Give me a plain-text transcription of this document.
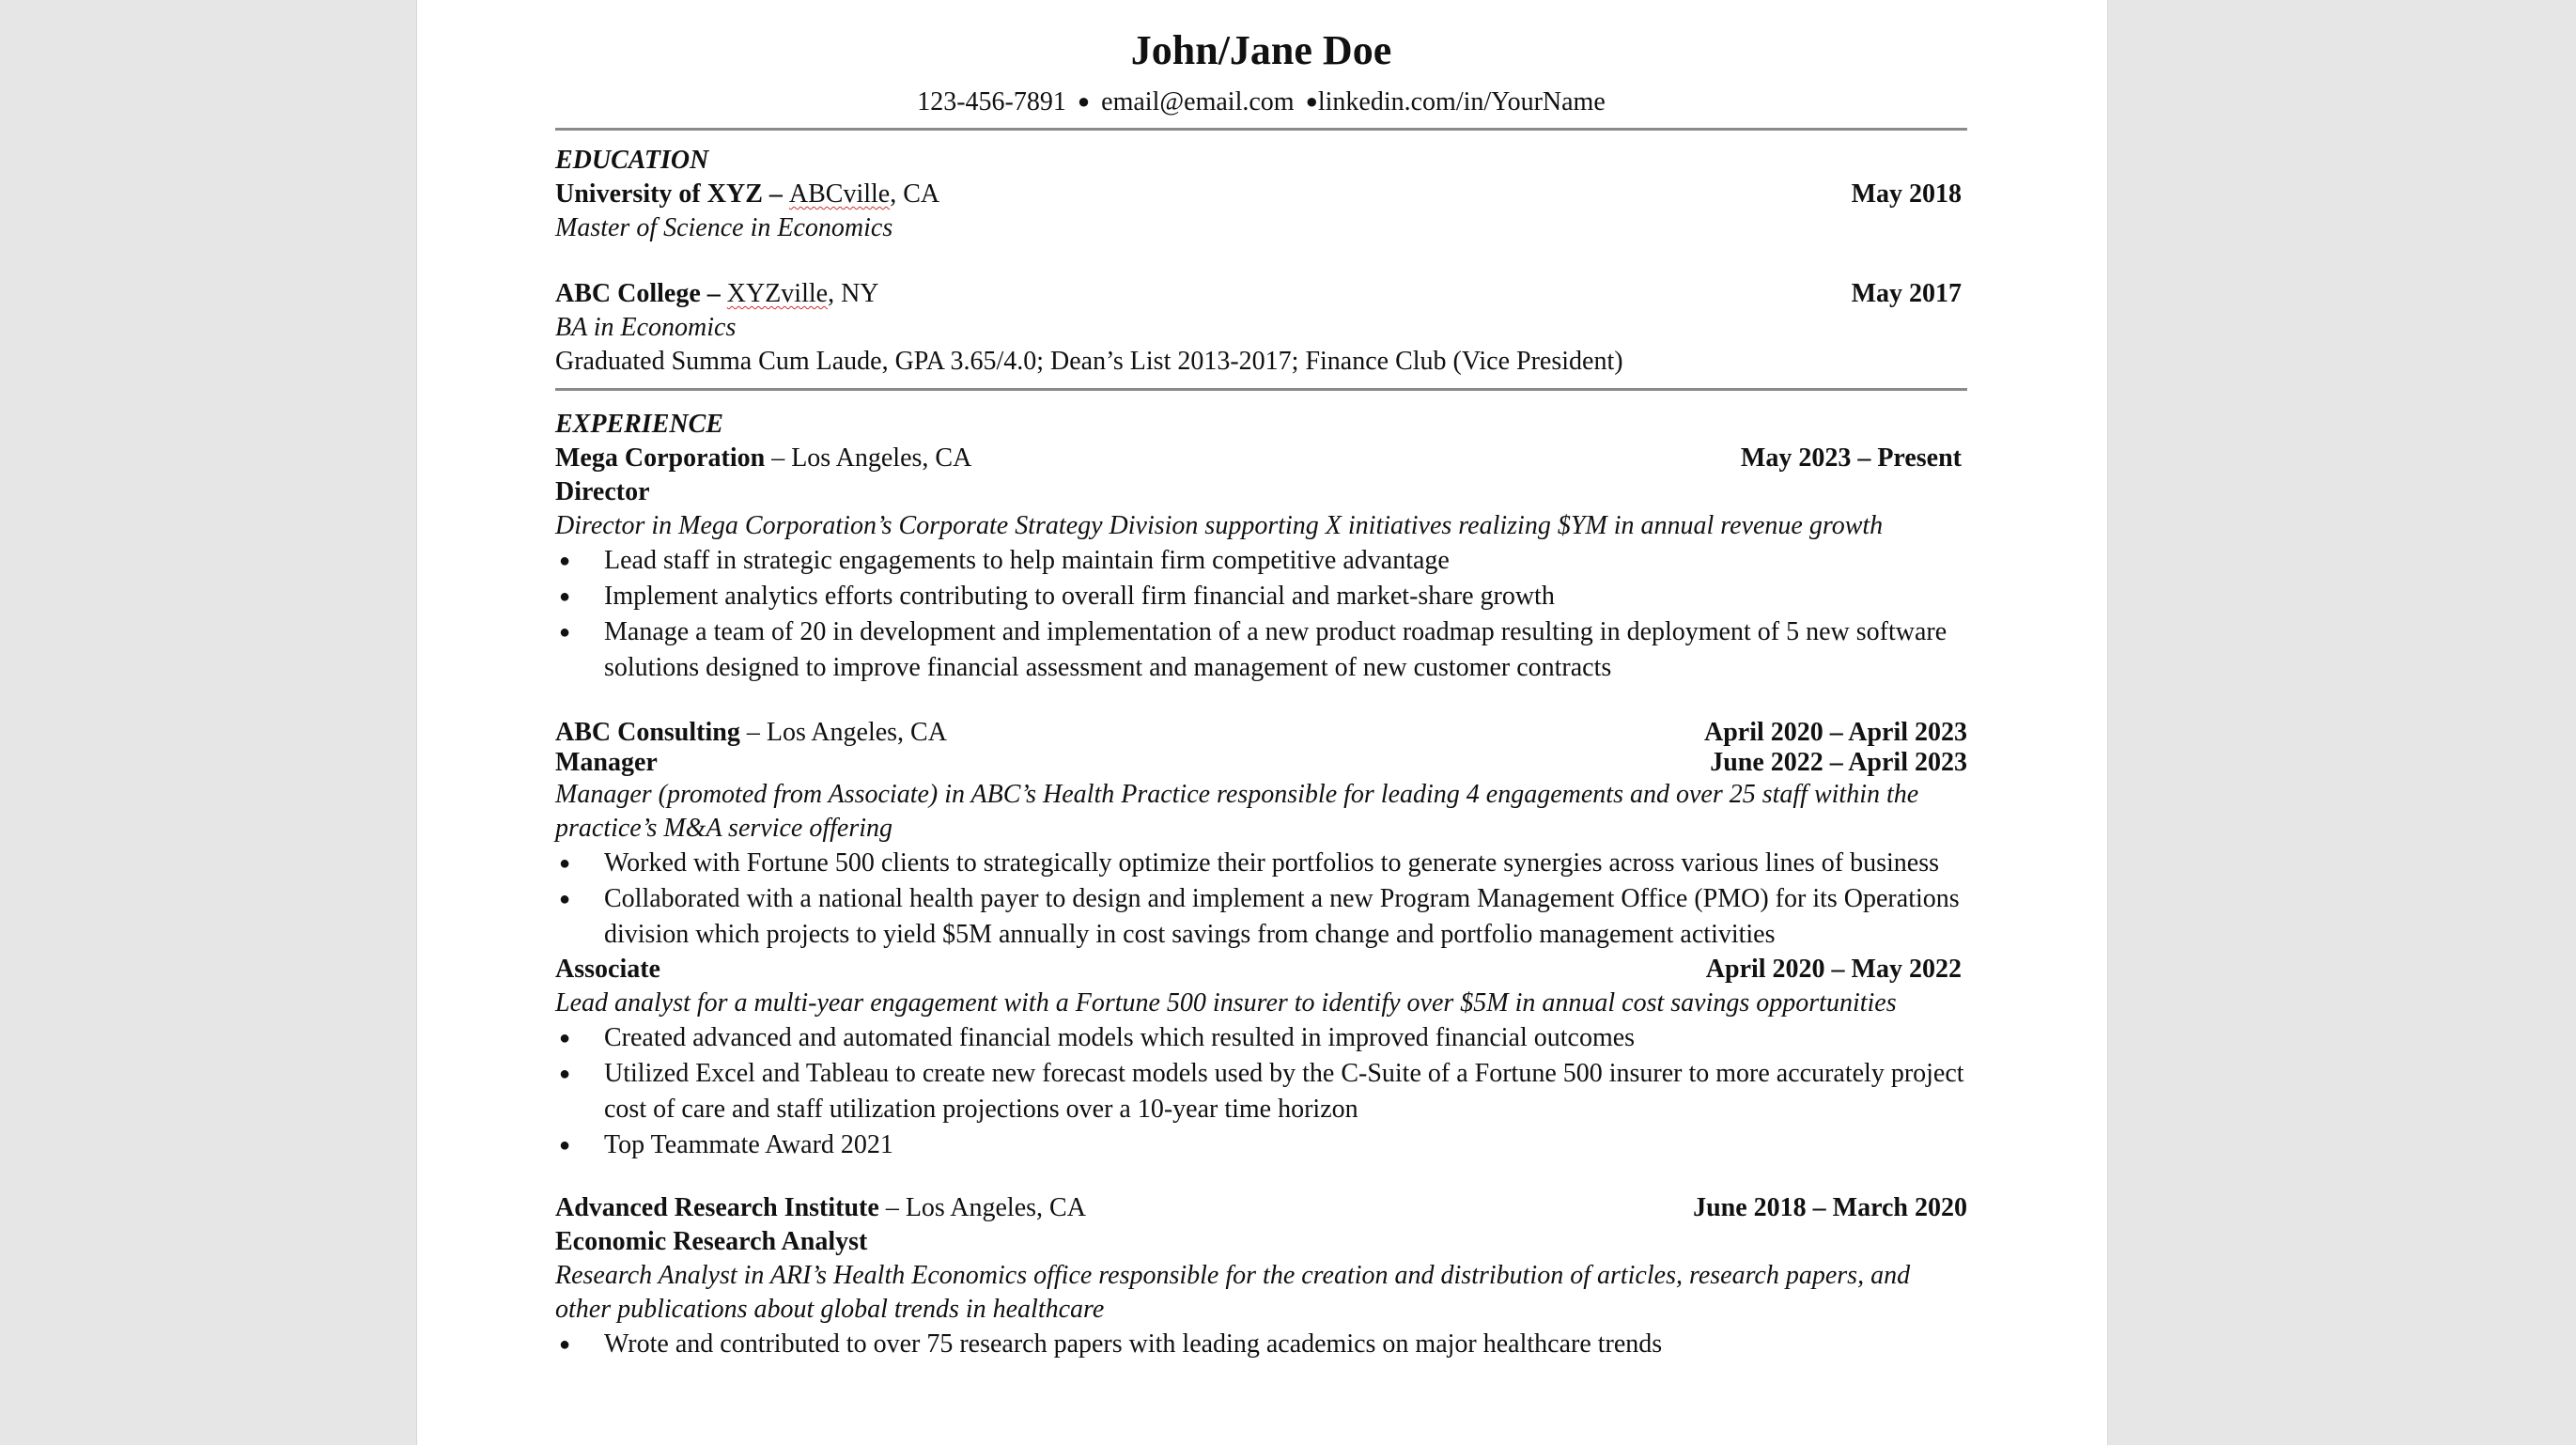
John/Jane Doe
123-456-7891 ● email@email.com ●linkedin.com/in/YourName
EDUCATION
University of XYZ – ABCville, CA	May 2018
Master of Science in Economics
ABC College – XYZville, NY	May 2017
BA in Economics
Graduated Summa Cum Laude, GPA 3.65/4.0; Dean’s List 2013-2017; Finance Club (Vice President)
EXPERIENCE
Mega Corporation – Los Angeles, CA	May 2023 – Present
Director
Director in Mega Corporation’s Corporate Strategy Division supporting X initiatives realizing $YM in annual revenue growth
● Lead staff in strategic engagements to help maintain firm competitive advantage
● Implement analytics efforts contributing to overall firm financial and market-share growth
● Manage a team of 20 in development and implementation of a new product roadmap resulting in deployment of 5 new software solutions designed to improve financial assessment and management of new customer contracts
ABC Consulting – Los Angeles, CA	April 2020 – April 2023
Manager	June 2022 – April 2023
Manager (promoted from Associate) in ABC’s Health Practice responsible for leading 4 engagements and over 25 staff within the practice’s M&A service offering
● Worked with Fortune 500 clients to strategically optimize their portfolios to generate synergies across various lines of business
● Collaborated with a national health payer to design and implement a new Program Management Office (PMO) for its Operations division which projects to yield $5M annually in cost savings from change and portfolio management activities
Associate	April 2020 – May 2022
Lead analyst for a multi-year engagement with a Fortune 500 insurer to identify over $5M in annual cost savings opportunities
● Created advanced and automated financial models which resulted in improved financial outcomes
● Utilized Excel and Tableau to create new forecast models used by the C-Suite of a Fortune 500 insurer to more accurately project cost of care and staff utilization projections over a 10-year time horizon
● Top Teammate Award 2021
Advanced Research Institute – Los Angeles, CA	June 2018 – March 2020
Economic Research Analyst
Research Analyst in ARI’s Health Economics office responsible for the creation and distribution of articles, research papers, and other publications about global trends in healthcare
● Wrote and contributed to over 75 research papers with leading academics on major healthcare trends
